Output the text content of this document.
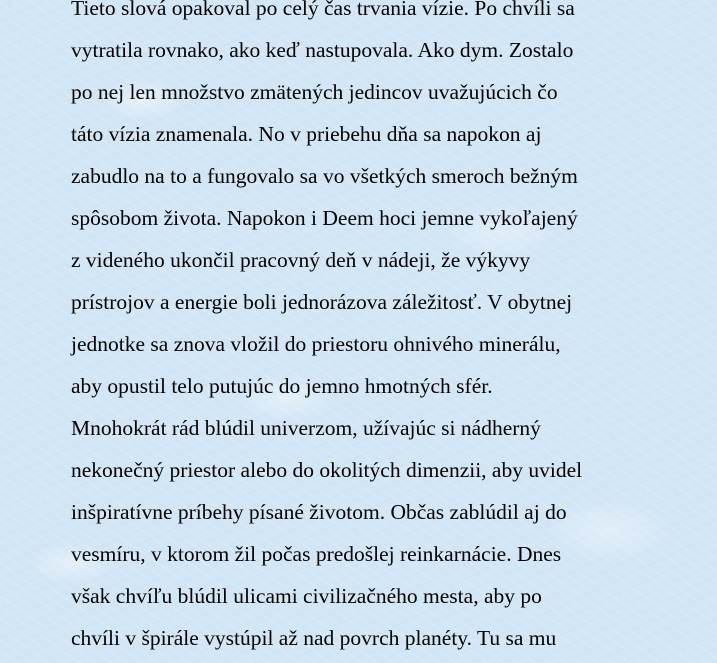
Tieto slová opakoval po celý čas trvania vízie. Po chvíli sa
vytratila rovnako, ako keď nastupovala. Ako dym. Zostalo
po nej len množstvo zmätených jedincov uvažujúcich čo
táto vízia znamenala. No v priebehu dňa sa napokon aj
zabudlo na to a fungovalo sa vo všetkých smeroch bežným
spôsobom života. Napokon i Deem hoci jemne vykoľajený
z videného ukončil pracovný deň v nádeji, že výkyvy
prístrojov a energie boli jednorázova záležitosť. V obytnej
jednotke sa znova vložil do priestoru ohnivého minerálu,
aby opustil telo putujúc do jemno hmotných sfér.
Mnohokrát rád blúdil univerzom, užívajúc si nádherný
nekonečný priestor alebo do okolitých dimenzii, aby uvidel
inšpiratívne príbehy písané životom. Občas zablúdil aj do
vesmíru, v ktorom žil počas predošlej reinkarnácie. Dnes
však chvíľu blúdil ulicami civilizačného mesta, aby po
chvíli v špirále vystúpil až nad povrch planéty. Tu sa mu
